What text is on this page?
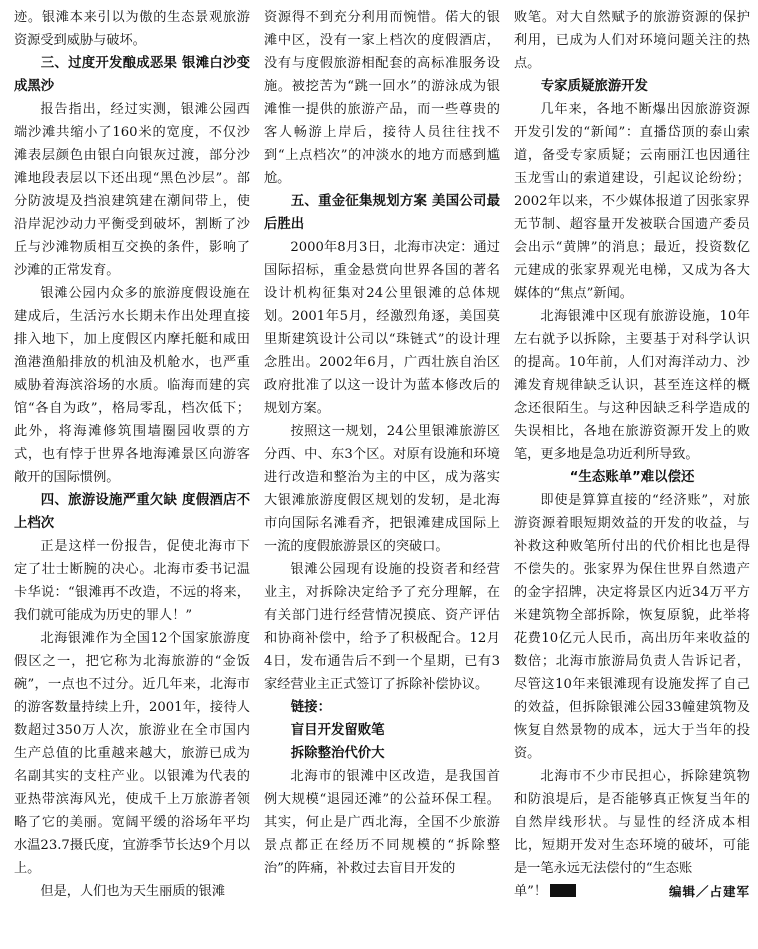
迹。银滩本来引以为傲的生态景观旅游资源受到威胁与破坏。

三、过度开发酿成恶果 银滩白沙变成黑沙

报告指出，经过实测，银滩公园西端沙滩共缩小了160米的宽度，不仅沙滩表层颜色由银白向银灰过渡，部分沙滩地段表层以下还出现“黑色沙层”。部分防波堤及挡浪建筑建在潮间带上，使沿岸泥沙动力平衡受到破坏，割断了沙丘与沙滩物质相互交换的条件，影响了沙滩的正常发育。

银滩公园内众多的旅游度假设施在建成后，生活污水长期未作出处理直接排入地下，加上度假区内摩托艇和咸田渔港渔船排放的机油及机舱水，也严重威胁着海滨浴场的水质。临海而建的宾馆“各自为政”，格局零乱，档次低下；此外，将海滩修筑围墙圈园收票的方式，也有悖于世界各地海滩景区向游客敞开的国际惯例。

四、旅游设施严重欠缺 度假酒店不上档次

正是这样一份报告，促使北海市下定了壮士断腕的决心。北海市委书记温卡华说：“银滩再不改造，不远的将来，我们就可能成为历史的罪人！”

北海银滩作为全国12个国家旅游度假区之一，把它称为北海旅游的“金饭碗”，一点也不过分。近几年来，北海市的游客数量持续上升，2001年，接待人数超过350万人次，旅游业在全市国内生产总值的比重越来越大，旅游已成为名副其实的支柱产业。以银滩为代表的亚热带滨海风光，使成千上万旅游者领略了它的美丽。宽阔平缓的浴场年平均水温23.7摄氏度，宜游季节长达9个月以上。

但是，人们也为天生丽质的银滩

资源得不到充分利用而惋惜。偌大的银滩中区，没有一家上档次的度假酒店，没有与度假旅游相配套的高标准服务设施。被挖苦为“跳一回水”的游泳成为银滩惟一提供的旅游产品，而一些尊贵的客人畅游上岸后，接待人员往往找不到“上点档次”的冲淡水的地方而感到尴尬。

五、重金征集规划方案 美国公司最后胜出

2000年8月3日，北海市决定：通过国际招标，重金悬赏向世界各国的著名设计机构征集对24公里银滩的总体规划。2001年5月，经激烈角逐，美国莫里斯建筑设计公司以“珠链式”的设计理念胜出。2002年6月，广西壮族自治区政府批准了以这一设计为蓝本修改后的规划方案。

按照这一规划，24公里银滩旅游区分西、中、东3个区。对原有设施和环境进行改造和整治为主的中区，成为落实大银滩旅游度假区规划的发轫，是北海市向国际名滩看齐，把银滩建成国际上一流的度假旅游景区的突破口。

银滩公园现有设施的投资者和经营业主，对拆除决定给予了充分理解，在有关部门进行经营情况摸底、资产评估和协商补偿中，给予了积极配合。12月4日，发布通告后不到一个星期，已有3家经营业主正式签订了拆除补偿协议。

链接：
盲目开发留败笔
拆除整治代价大

北海市的银滩中区改造，是我国首例大规模“退园还滩”的公益环保工程。其实，何止是广西北海，全国不少旅游景点都正在经历不同规模的“拆除整治”的阵痛，补救过去盲目开发的

败笔。对大自然赋予的旅游资源的保护利用，已成为人们对环境问题关注的热点。

专家质疑旅游开发

几年来，各地不断爆出因旅游资源开发引发的“新闻”：直播岱顶的泰山索道，备受专家质疑；云南丽江也因通往玉龙雪山的索道建设，引起议论纷纷；2002年以来，不少媒体报道了因张家界无节制、超容量开发被联合国遗产委员会出示“黄牌”的消息；最近，投资数亿元建成的张家界观光电梯，又成为各大媒体的“焦点”新闻。

北海银滩中区现有旅游设施，10年左右就予以拆除，主要基于对科学认识的提高。10年前，人们对海洋动力、沙滩发育规律缺乏认识，甚至连这样的概念还很陌生。与这种因缺乏科学造成的失误相比，各地在旅游资源开发上的败笔，更多地是急功近利所导致。

“生态账单”难以偿还

即使是算算直接的“经济账”，对旅游资源着眼短期效益的开发的收益，与补救这种败笔所付出的代价相比也是得不偿失的。张家界为保住世界自然遗产的金字招牌，决定将景区内近34万平方米建筑物全部拆除，恢复原貌，此举将花费10亿元人民币，高出历年来收益的数倍；北海市旅游局负责人告诉记者，尽管这10年来银滩现有设施发挥了自己的效益，但拆除银滩公园33幢建筑物及恢复自然景物的成本，远大于当年的投资。

北海市不少市民担心，拆除建筑物和防浪堤后，是否能够真正恢复当年的自然岸线形状。与显性的经济成本相比，短期开发对生态环境的破坏，可能是一笔永远无法偿付的“生态账

单”！	编辑／占建军
